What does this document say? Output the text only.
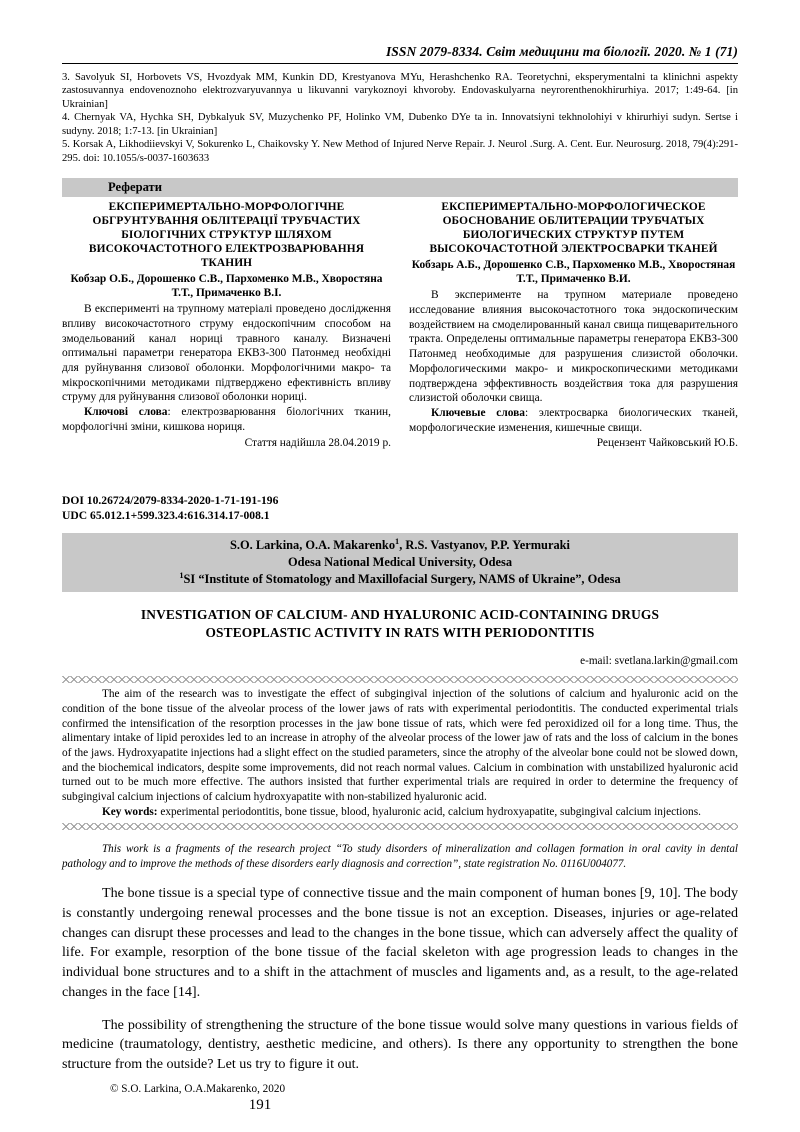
ISSN 2079-8334. Світ медицини та біології. 2020. № 1 (71)

3. Savolyuk SI, Horbovets VS, Hvozdyak MM, Kunkin DD, Krestyanova MYu, Herashchenko RA. Teoretychni, eksperymentalni ta klinichni aspekty zastosuvannya endovenoznoho elektrozvaryuvannya u likuvanni varykoznoyi khvoroby. Endovaskulyarna neyrorenthenokhirurhiya. 2017; 1:49-64. [in Ukrainian]

4. Chernyak VA, Hychka SH, Dybkalyuk SV, Muzychenko PF, Holinko VM, Dubenko DYe ta in. Innovatsiyni tekhnolohiyi v khirurhiyi sudyn. Sertse i sudyny. 2018; 1:7-13. [in Ukrainian]

5. Korsak A, Likhodiievskyi V, Sokurenko L, Chaikovsky Y. New Method of Injured Nerve Repair. J. Neurol .Surg. A. Cent. Eur. Neurosurg. 2018, 79(4):291-295. doi: 10.1055/s-0037-1603633

Реферати
ЕКСПЕРИМЕРТАЛЬНО-МОРФОЛОГІЧНЕ ОБГРУНТУВАННЯ ОБЛІТЕРАЦІЇ ТРУБЧАСТИХ БІОЛОГІЧНИХ СТРУКТУР ШЛЯХОМ ВИСОКОЧАСТОТНОГО ЕЛЕКТРОЗВАРЮВАННЯ ТКАНИН
Кобзар О.Б., Дорошенко С.В., Пархоменко М.В., Хворостяна Т.Т., Примаченко В.І.
В експерименті на трупному матеріалі проведено дослідження впливу високочастотного струму ендоскопічним способом на змодельований канал нориці травного каналу. Визначені оптимальні параметри генератора ЕКВЗ-300 Патонмед необхідні для руйнування слизової оболонки. Морфологічними макро- та мікроскопічними методиками підтверджено ефективність впливу струму для руйнування слизової оболонки нориці.
Ключові слова: електрозварювання біологічних тканин, морфологічні зміни, кишкова нориця.
Стаття надійшла 28.04.2019 р.
ЕКСПЕРИМЕРТАЛЬНО-МОРФОЛОГИЧЕСКОЕ ОБОСНОВАНИЕ ОБЛИТЕРАЦИИ ТРУБЧАТЫХ БИОЛОГИЧЕСКИХ СТРУКТУР ПУТЕМ ВЫСОКОЧАСТОТНОЙ ЭЛЕКТРОСВАРКИ ТКАНЕЙ
Кобзарь А.Б., Дорошенко С.В., Пархоменко М.В., Хворостяная Т.Т., Примаченко В.И.
В эксперименте на трупном материале проведено исследование влияния высокочастотного тока эндоскопическим воздействием на смоделированный канал свища пищеварительного тракта. Определены оптимальные параметры генератора ЕКВЗ-300 Патонмед необходимые для разрушения слизистой оболочки. Морфологическими макро- и микроскопическими методиками подтверждена эффективность воздействия тока для разрушения слизистой оболочки свища.
Ключевые слова: электросварка биологических тканей, морфологические изменения, кишечные свищи.
Рецензент Чайковський Ю.Б.
DOI 10.26724/2079-8334-2020-1-71-191-196
UDC 65.012.1+599.323.4:616.314.17-008.1
S.O. Larkina, O.A. Makarenko$^1$, R.S. Vastyanov, P.P. Yermuraki
Odesa National Medical University, Odesa
$^1$SI “Institute of Stomatology and Maxillofacial Surgery, NAMS of Ukraine”, Odesa
INVESTIGATION OF CALCIUM- AND HYALURONIC ACID-CONTAINING DRUGS
OSTEOPLASTIC ACTIVITY IN RATS WITH PERIODONTITIS
e-mail: svetlana.larkin@gmail.com
The aim of the research was to investigate the effect of subgingival injection of the solutions of calcium and hyaluronic acid on the condition of the bone tissue of the alveolar process of the lower jaws of rats with experimental periodontitis. The conducted experimental trials confirmed the intensification of the resorption processes in the jaw bone tissue of rats, which were fed peroxidized oil for a long time. Thus, the alimentary intake of lipid peroxides led to an increase in atrophy of the alveolar process of the lower jaw of rats and the loss of calcium in the bones of the jaws. Hydroxyapatite injections had a slight effect on the studied parameters, since the atrophy of the alveolar bone could not be slowed down, and the biochemical indicators, despite some improvements, did not reach normal values. Calcium in combination with unstabilized hyaluronic acid turned out to be much more effective. The authors insisted that further experimental trials are required in order to determine the frequency of subgingival calcium injections of calcium hydroxyapatite with non-stabilized hyaluronic acid.
Key words: experimental periodontitis, bone tissue, blood, hyaluronic acid, calcium hydroxyapatite, subgingival calcium injections.
This work is a fragments of the research project “To study disorders of mineralization and collagen formation in oral cavity in dental pathology and to improve the methods of these disorders early diagnosis and correction”, state registration No. 0116U004077.
The bone tissue is a special type of connective tissue and the main component of human bones [9, 10]. The body is constantly undergoing renewal processes and the bone tissue is not an exception. Diseases, injuries or age-related changes can disrupt these processes and lead to the changes in the bone tissue, which can adversely affect the quality of life. For example, resorption of the bone tissue of the facial skeleton with age progression leads to changes in the individual bone structures and to a shift in the attachment of muscles and ligaments and, as a result, to the age-related changes in the face [14].
The possibility of strengthening the structure of the bone tissue would solve many questions in various fields of medicine (traumatology, dentistry, aesthetic medicine, and others). Is there any opportunity to strengthen the bone structure from the outside? Let us try to figure it out.
© S.O. Larkina, O.A.Makarenko, 2020
191
